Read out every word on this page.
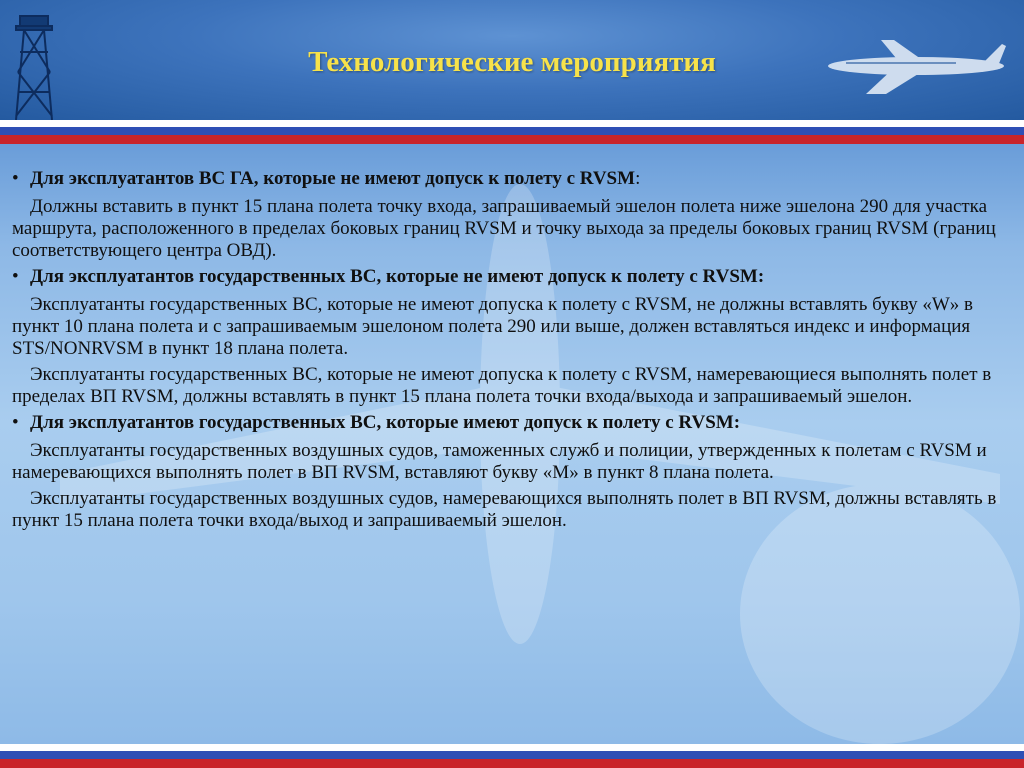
Технологические мероприятия
• Для эксплуатантов ВС ГА, которые не имеют допуск к полету с RVSM:

Должны вставить в пункт 15 плана полета точку входа, запрашиваемый эшелон полета ниже эшелона 290 для участка маршрута, расположенного в пределах боковых границ RVSM и точку выхода за пределы боковых границ RVSM (границ соответствующего центра ОВД).

• Для эксплуатантов государственных ВС, которые не имеют допуск к полету с RVSM:

Эксплуатанты государственных ВС, которые не имеют допуска к полету с RVSM, не должны вставлять букву «W» в пункт 10 плана полета и с запрашиваемым эшелоном полета 290 или выше, должен вставляться индекс и информация STS/NONRVSM в пункт 18 плана полета.

Эксплуатанты государственных ВС, которые не имеют допуска к полету с RVSM, намеревающиеся выполнять полет в пределах ВП RVSM, должны вставлять в пункт 15 плана полета точки входа/выхода и запрашиваемый эшелон.

• Для эксплуатантов государственных ВС, которые имеют допуск к полету с RVSM:

Эксплуатанты государственных воздушных судов, таможенных служб и полиции, утвержденных к полетам с RVSM и намеревающихся выполнять полет в ВП RVSM, вставляют букву «М» в пункт 8 плана полета.

Эксплуатанты государственных воздушных судов, намеревающихся выполнять полет в ВП RVSM, должны вставлять в пункт 15 плана полета точки входа/выход и запрашиваемый эшелон.
